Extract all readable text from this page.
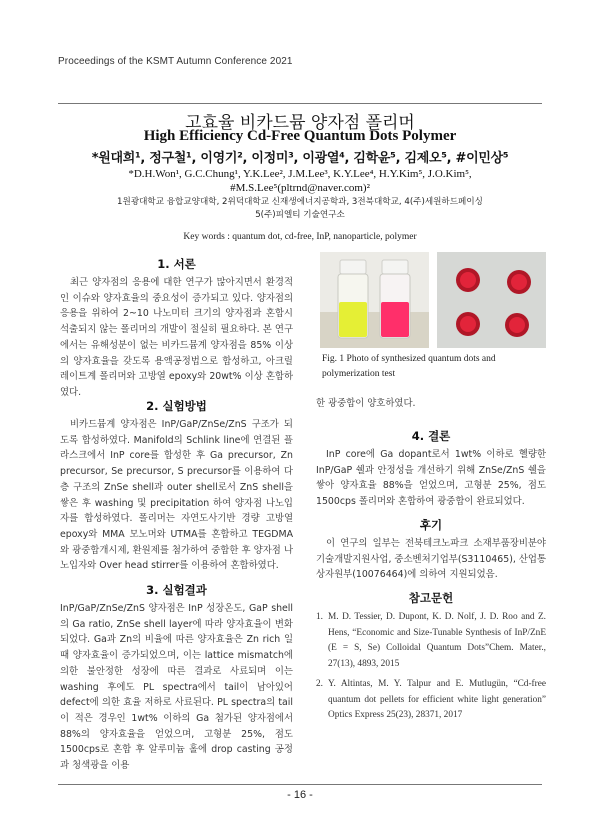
Proceedings of the KSMT Autumn Conference 2021
고효율 비카드뮴 양자점 폴리머
High Efficiency Cd-Free Quantum Dots Polymer
*원대희¹, 정구철¹, 이영기², 이정미³, 이광열⁴, 김학윤⁵, 김제오⁵, #이민상⁵
*D.H.Won¹, G.C.Chung¹, Y.K.Lee², J.M.Lee³, K.Y.Lee⁴, H.Y.Kim⁵, J.O.Kim⁵,
#M.S.Lee⁵(pltrnd@naver.com)²
1원광대학교 융합교양대학, 2위덕대학교 신재생에너지공학과, 3전북대학교, 4(주)세원하드페이싱
5(주)피엘티 기술연구소
Key words : quantum dot, cd-free, InP, nanoparticle, polymer
1. 서론

최근 양자점의 응용에 대한 연구가 많아지면서 환경적인 이슈와 양자효율의 중요성이 증가되고 있다. 양자점의 응용을 위하여 2~10 나노미터 크기의 양자점과 혼합시 석출되지 않는 폴리머의 개발이 절실히 필요하다. 본 연구에서는 유해성분이 없는 비카드뮴계 양자점을 85% 이상의 양자효율을 갖도록 용액공정법으로 합성하고, 아크릴레이트계 폴리머와 고방열 epoxy와 20wt% 이상 혼합하였다.

2. 실험방법

비카드뮴계 양자점은 InP/GaP/ZnSe/ZnS 구조가 되도록 합성하였다. Manifold의 Schlink line에 연결된 플라스크에서 InP core를 합성한 후 Ga precursor, Zn precursor, Se precursor, S precursor를 이용하여 다층 구조의 ZnSe shell과 outer shell로서 ZnS shell을 쌓은 후 washing 및 precipitation 하여 양자점 나노입자를 합성하였다. 폴리머는 자연도사기반 경량 고방열 epoxy와 MMA 모노머와 UTMA를 혼합하고 TEGDMA와 광중합개시제, 환원제를 첨가하여 중합한 후 양자점 나노입자와 Over head stirrer를 이용하여 혼합하였다.

3. 실험결과

InP/GaP/ZnSe/ZnS 양자점은 InP 성장온도, GaP shell의 Ga ratio, ZnSe shell layer에 따라 양자효율이 변화되었다. Ga과 Zn의 비율에 따른 양자효율은 Zn rich 일 때 양자효율이 증가되었으며, 이는 lattice mismatch에 의한 불안정한 성장에 따른 결과로 사료되며 이는 washing 후에도 PL spectra에서 tail이 남아있어 defect에 의한 효율 저하로 사료된다. PL spectra의 tail이 적은 경우인 1wt% 이하의 Ga 첨가된 양자점에서 88%의 양자효율을 얻었으며, 고형분 25%, 점도 1500cps로 혼합 후 알루미늄 홀에 drop casting 공정과 청색광을 이용

Fig. 1 Photo of synthesized quantum dots and polymerization test
한 광중합이 양호하였다.
4. 결론

InP core에 Ga dopant로서 1wt% 이하로 혤량한 InP/GaP 쉘과 안정성을 개선하기 위해 ZnSe/ZnS 쉘을 쌓아 양자효율 88%을 얻었으며, 고형분 25%, 점도 1500cps 폴리머와 혼합하여 광중합이 완료되었다.

후기

이 연구의 일부는 전북테크노파크 소재부품장비분야기술개발지원사업, 중소벤처기업부(S3110465), 산업통상자원부(10076464)에 의하여 지원되었음.

참고문헌
1. M. D. Tessier, D. Dupont, K. D. Nolf, J. D. Roo and Z. Hens, “Economic and Size-Tunable Synthesis of InP/ZnE (E = S, Se) Colloidal Quantum Dots”Chem. Mater., 27(13), 4893, 2015
2. Y. Altintas, M. Y. Talpur and E. Mutlugün, “Cd-free quantum dot pellets for efficient white light generation” Optics Express 25(23), 28371, 2017
- 16 -
